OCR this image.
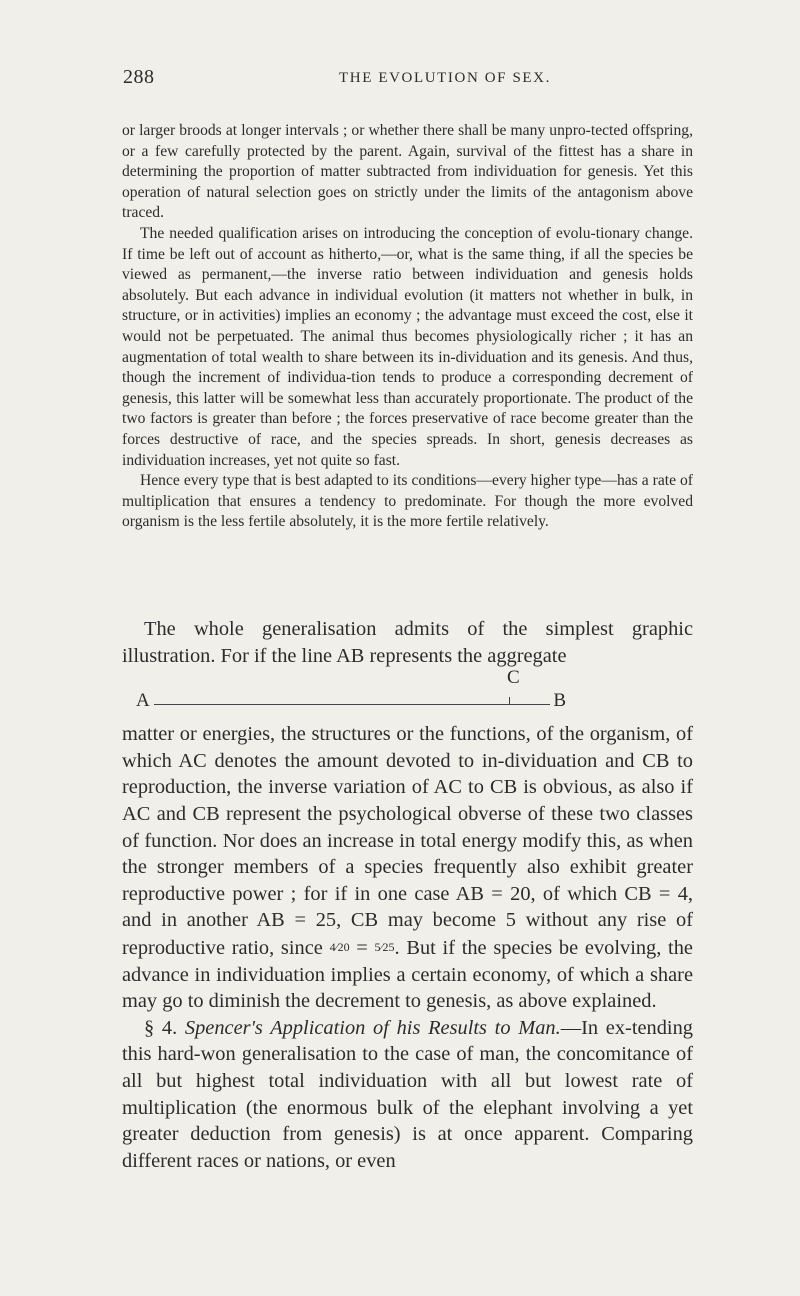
288	THE EVOLUTION OF SEX.

or larger broods at longer intervals ; or whether there shall be many unpro-tected offspring, or a few carefully protected by the parent. Again, survival of the fittest has a share in determining the proportion of matter subtracted from individuation for genesis. Yet this operation of natural selection goes on strictly under the limits of the antagonism above traced.

The needed qualification arises on introducing the conception of evolu-tionary change. If time be left out of account as hitherto,—or, what is the same thing, if all the species be viewed as permanent,—the inverse ratio between individuation and genesis holds absolutely. But each advance in individual evolution (it matters not whether in bulk, in structure, or in activities) implies an economy ; the advantage must exceed the cost, else it would not be perpetuated. The animal thus becomes physiologically richer ; it has an augmentation of total wealth to share between its in-dividuation and its genesis. And thus, though the increment of individua-tion tends to produce a corresponding decrement of genesis, this latter will be somewhat less than accurately proportionate. The product of the two factors is greater than before ; the forces preservative of race become greater than the forces destructive of race, and the species spreads. In short, genesis decreases as individuation increases, yet not quite so fast.

Hence every type that is best adapted to its conditions—every higher type—has a rate of multiplication that ensures a tendency to predominate. For though the more evolved organism is the less fertile absolutely, it is the more fertile relatively.

The whole generalisation admits of the simplest graphic illustration. For if the line AB represents the aggregate

matter or energies, the structures or the functions, of the organism, of which AC denotes the amount devoted to in-dividuation and CB to reproduction, the inverse variation of AC to CB is obvious, as also if AC and CB represent the psychological obverse of these two classes of function. Nor does an increase in total energy modify this, as when the stronger members of a species frequently also exhibit greater reproductive power ; for if in one case AB = 20, of which CB = 4, and in another AB = 25, CB may become 5 without any rise of reproductive ratio, since 4⁄20 = 5⁄25. But if the species be evolving, the advance in individuation implies a certain economy, of which a share may go to diminish the decrement to genesis, as above explained.

§ 4. Spencer's Application of his Results to Man.—In ex-tending this hard-won generalisation to the case of man, the concomitance of all but highest total individuation with all but lowest rate of multiplication (the enormous bulk of the elephant involving a yet greater deduction from genesis) is at once apparent. Comparing different races or nations, or even

C
A	B
